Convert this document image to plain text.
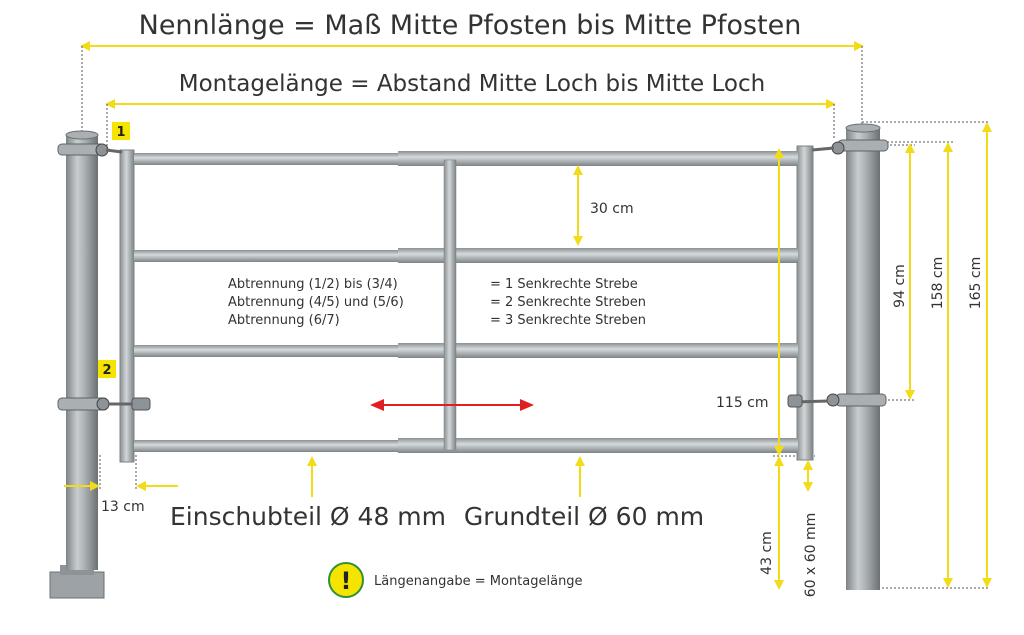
Nennlänge = Maß Mitte Pfosten bis Mitte Pfosten
Montagelänge = Abstand Mitte Loch bis Mitte Loch
1
2
30 cm
Abtrennung (1/2) bis (3/4)
Abtrennung (4/5) und (5/6)
Abtrennung (6/7)
= 1 Senkrechte Strebe
= 2 Senkrechte Streben
= 3 Senkrechte Streben
115 cm
43 cm 60 x 60 mm
94 cm 158 cm 165 cm
13 cm Einschubteil Ø 48 mm Grundteil Ø 60 mm
! Längenangabe = Montagelänge
